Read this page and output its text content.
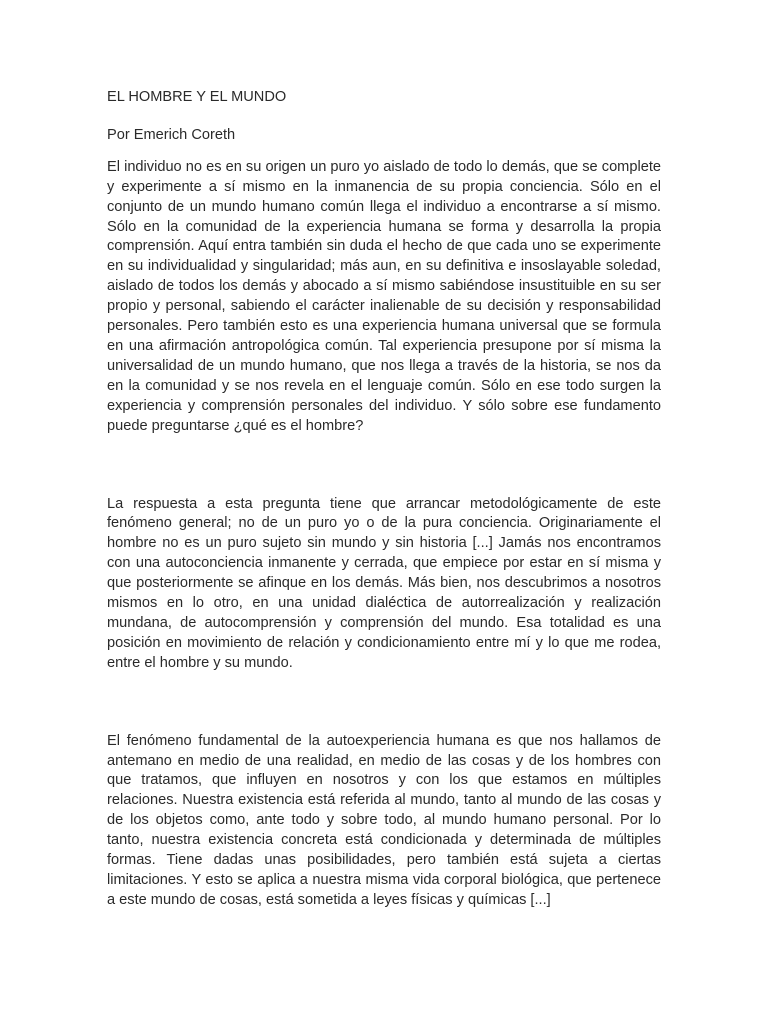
EL HOMBRE Y EL MUNDO

Por Emerich Coreth

El individuo no es en su origen un puro yo aislado de todo lo demás, que se complete y experimente a sí mismo en la inmanencia de su propia conciencia. Sólo en el conjunto de un mundo humano común llega el individuo a encontrarse a sí mismo. Sólo en la comunidad de la experiencia humana se forma y desarrolla la propia comprensión. Aquí entra también sin duda el hecho de que cada uno se experimente en su individualidad y singularidad; más aun, en su definitiva e insoslayable soledad, aislado de todos los demás y abocado a sí mismo sabiéndose insustituible en su ser propio y personal, sabiendo el carácter inalienable de su decisión y responsabilidad personales. Pero también esto es una experiencia humana universal que se formula en una afirmación antropológica común. Tal experiencia presupone por sí misma la universalidad de un mundo humano, que nos llega a través de la historia, se nos da en la comunidad y se nos revela en el lenguaje común. Sólo en ese todo surgen la experiencia y comprensión personales del individuo. Y sólo sobre ese fundamento puede preguntarse ¿qué es el hombre?

La respuesta a esta pregunta tiene que arrancar metodológicamente de este fenómeno general; no de un puro yo o de la pura conciencia. Originariamente el hombre no es un puro sujeto sin mundo y sin historia [...] Jamás nos encontramos con una autoconciencia inmanente y cerrada, que empiece por estar en sí misma y que posteriormente se afinque en los demás. Más bien, nos descubrimos a nosotros mismos en lo otro, en una unidad dialéctica de autorrealización y realización mundana, de autocomprensión y comprensión del mundo. Esa totalidad es una posición en movimiento de relación y condicionamiento entre mí y lo que me rodea, entre el hombre y su mundo.

El fenómeno fundamental de la autoexperiencia humana es que nos hallamos de antemano en medio de una realidad, en medio de las cosas y de los hombres con que tratamos, que influyen en nosotros y con los que estamos en múltiples relaciones. Nuestra existencia está referida al mundo, tanto al mundo de las cosas y de los objetos como, ante todo y sobre todo, al mundo humano personal. Por lo tanto, nuestra existencia concreta está condicionada y determinada de múltiples formas. Tiene dadas unas posibilidades, pero también está sujeta a ciertas limitaciones. Y esto se aplica a nuestra misma vida corporal biológica, que pertenece a este mundo de cosas, está sometida a leyes físicas y químicas [...]
